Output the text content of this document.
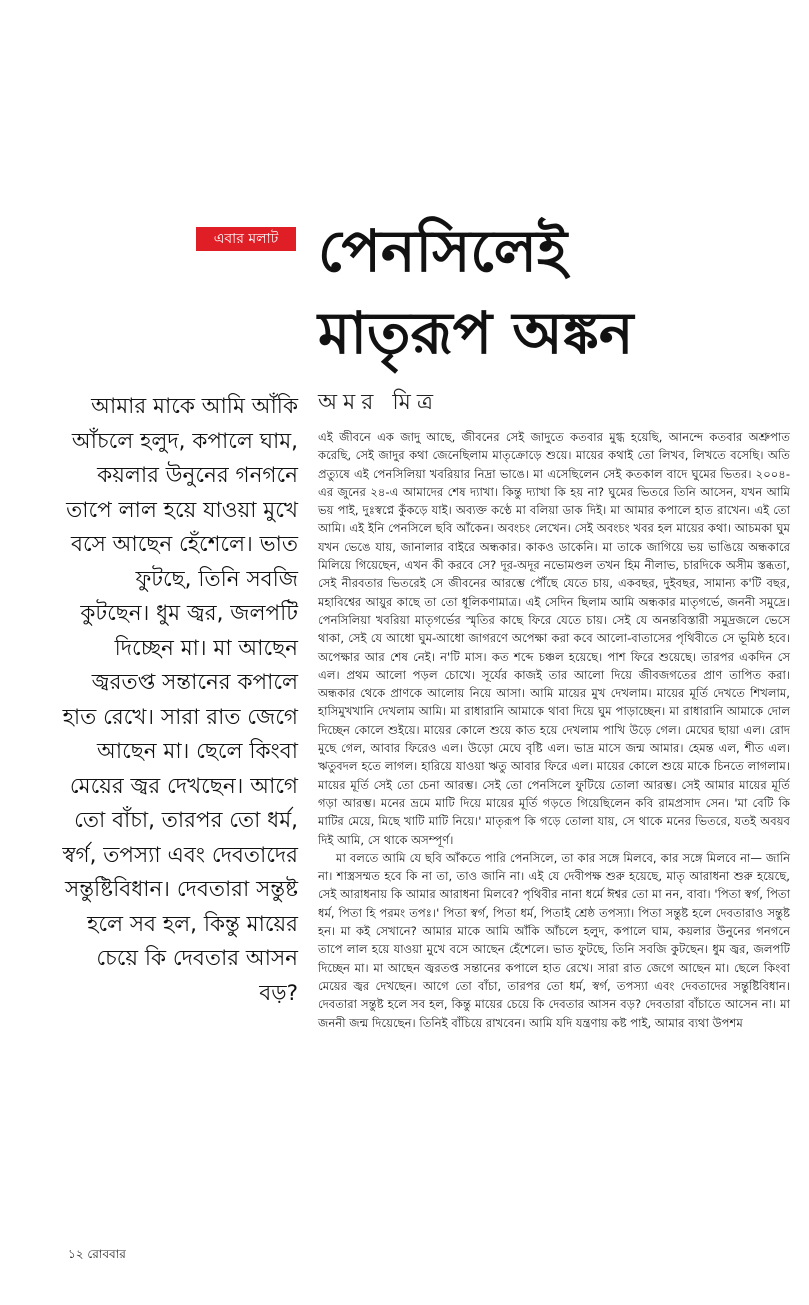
এবার মলাট পেনসিলেই
মাতৃরূপ অঙ্কন
অমর মিত্র
আমার মাকে আমি আঁকি আঁচলে হলুদ, কপালে ঘাম, কয়লার উনুনের গনগনে তাপে লাল হয়ে যাওয়া মুখে বসে আছেন হেঁশেলে। ভাত ফুটছে, তিনি সবজি কুটছেন। ধুম জ্বর, জলপটি দিচ্ছেন মা। মা আছেন জ্বরতপ্ত সন্তানের কপালে হাত রেখে। সারা রাত জেগে আছেন মা। ছেলে কিংবা মেয়ের জ্বর দেখছেন। আগে তো বাঁচা, তারপর তো ধর্ম, স্বর্গ, তপস্যা এবং দেবতাদের সন্তুষ্টিবিধান। দেবতারা সন্তুষ্ট হলে সব হল, কিন্তু মায়ের চেয়ে কি দেবতার আসন বড়?

এই জীবনে এক জাদু আছে, জীবনের সেই জাদুতে কতবার মুগ্ধ হয়েছি, আনন্দে কতবার অশ্রুপাত করেছি, সেই জাদুর কথা জেনেছিলাম মাতৃক্রোড়ে শুয়ে। মায়ের কথাই তো লিখব, লিখতে বসেছি। অতি প্রত্যুষে এই পেনসিলিয়া খবরিয়ার নিদ্রা ভাঙে। মা এসেছিলেন সেই কতকাল বাদে ঘুমের ভিতর। ২০০৪-এর জুনের ২৪-এ আমাদের শেষ দ্যাখা। কিন্তু দ্যাখা কি হয় না? ঘুমের ভিতরে তিনি আসেন, যখন আমি ভয় পাই, দুঃস্বপ্নে কুঁকড়ে যাই। অব্যক্ত কণ্ঠে মা বলিয়া ডাক দিই। মা আমার কপালে হাত রাখেন। এই তো আমি। এই ইনি পেনসিলে ছবি আঁকেন। অবংচং লেখেন। সেই অবংচং খবর হল মায়ের কথা। আচমকা ঘুম যখন ভেঙে যায়, জানালার বাইরে অন্ধকার। কাকও ডাকেনি। মা তাকে জাগিয়ে ভয় ভাঙিয়ে অন্ধকারে মিলিয়ে গিয়েছেন, এখন কী করবে সে? দূর-অদূর নভোমণ্ডল তখন হিম নীলাভ, চারদিকে অসীম স্তব্ধতা, সেই নীরবতার ভিতরেই সে জীবনের আরম্ভে পৌঁছে যেতে চায়, একবছর, দুইবছর, সামান্য ক'টি বছর, মহাবিশ্বের আয়ুর কাছে তা তো ধূলিকণামাত্র। এই সেদিন ছিলাম আমি অন্ধকার মাতৃগর্ভে, জননী সমুদ্রে। পেনসিলিয়া খবরিয়া মাতৃগর্ভের স্মৃতির কাছে ফিরে যেতে চায়। সেই যে অনন্তবিস্তারী সমুদ্রজলে ভেসে থাকা, সেই যে আধো ঘুম-আধো জাগরণে অপেক্ষা করা কবে আলো-বাতাসের পৃথিবীতে সে ভূমিষ্ঠ হবে। অপেক্ষার আর শেষ নেই। ন'টি মাস। কত শব্দে চঞ্চল হয়েছে। পাশ ফিরে শুয়েছে। তারপর একদিন সে এল। প্রথম আলো পড়ল চোখে। সূর্যের কাজই তার আলো দিয়ে জীবজগতের প্রাণ তাপিত করা। অন্ধকার থেকে প্রাণকে আলোয় নিয়ে আসা। আমি মায়ের মুখ দেখলাম। মায়ের মূর্তি দেখতে শিখলাম, হাসিমুখখানি দেখলাম আমি। মা রাধারানি আমাকে থাবা দিয়ে ঘুম পাড়াচ্ছেন। মা রাধারানি আমাকে দোল দিচ্ছেন কোলে শুইয়ে। মায়ের কোলে শুয়ে কাত হয়ে দেখলাম পাখি উড়ে গেল। মেঘের ছায়া এল। রোদ মুছে গেল, আবার ফিরেও এল। উড়ো মেঘে বৃষ্টি এল। ভাদ্র মাসে জন্ম আমার। হেমন্ত এল, শীত এল। ঋতুবদল হতে লাগল। হারিয়ে যাওয়া ঋতু আবার ফিরে এল। মায়ের কোলে শুয়ে মাকে চিনতে লাগলাম। মায়ের মূর্তি সেই তো চেনা আরম্ভ। সেই তো পেনসিলে ফুটিয়ে তোলা আরম্ভ। সেই আমার মায়ের মূর্তি গড়া আরম্ভ। মনের ভ্রমে মাটি দিয়ে মায়ের মূর্তি গড়তে গিয়েছিলেন কবি রামপ্রসাদ সেন। 'মা বেটি কি মাটির মেয়ে, মিছে খাটি মাটি নিয়ে।' মাতৃরূপ কি গড়ে তোলা যায়, সে থাকে মনের ভিতরে, যতই অবয়ব দিই আমি, সে থাকে অসম্পূর্ণ।

মা বলতে আমি যে ছবি আঁকতে পারি পেনসিলে, তা কার সঙ্গে মিলবে, কার সঙ্গে মিলবে না— জানি না। শাস্ত্রসম্মত হবে কি না তা, তাও জানি না। এই যে দেবীপক্ষ শুরু হয়েছে, মাতৃ আরাধনা শুরু হয়েছে, সেই আরাধনায় কি আমার আরাধনা মিলবে? পৃথিবীর নানা ধর্মে ঈশ্বর তো মা নন, বাবা। 'পিতা স্বর্গ, পিতা ধর্ম, পিতা হি পরমং তপঃ।' পিতা স্বর্গ, পিতা ধর্ম, পিতাই শ্রেষ্ঠ তপস্যা। পিতা সন্তুষ্ট হলে দেবতারাও সন্তুষ্ট হন। মা কই সেখানে? আমার মাকে আমি আঁকি আঁচলে হলুদ, কপালে ঘাম, কয়লার উনুনের গনগনে তাপে লাল হয়ে যাওয়া মুখে বসে আছেন হেঁশেলে। ভাত ফুটছে, তিনি সবজি কুটছেন। ধুম জ্বর, জলপটি দিচ্ছেন মা। মা আছেন জ্বরতপ্ত সন্তানের কপালে হাত রেখে। সারা রাত জেগে আছেন মা। ছেলে কিংবা মেয়ের জ্বর দেখছেন। আগে তো বাঁচা, তারপর তো ধর্ম, স্বর্গ, তপস্যা এবং দেবতাদের সন্তুষ্টিবিধান। দেবতারা সন্তুষ্ট হলে সব হল, কিন্তু মায়ের চেয়ে কি দেবতার আসন বড়? দেবতারা বাঁচাতে আসেন না। মা জননী জন্ম দিয়েছেন। তিনিই বাঁচিয়ে রাখবেন। আমি যদি যন্ত্রণায় কষ্ট পাই, আমার ব্যথা উপশম

১২ রোববার
